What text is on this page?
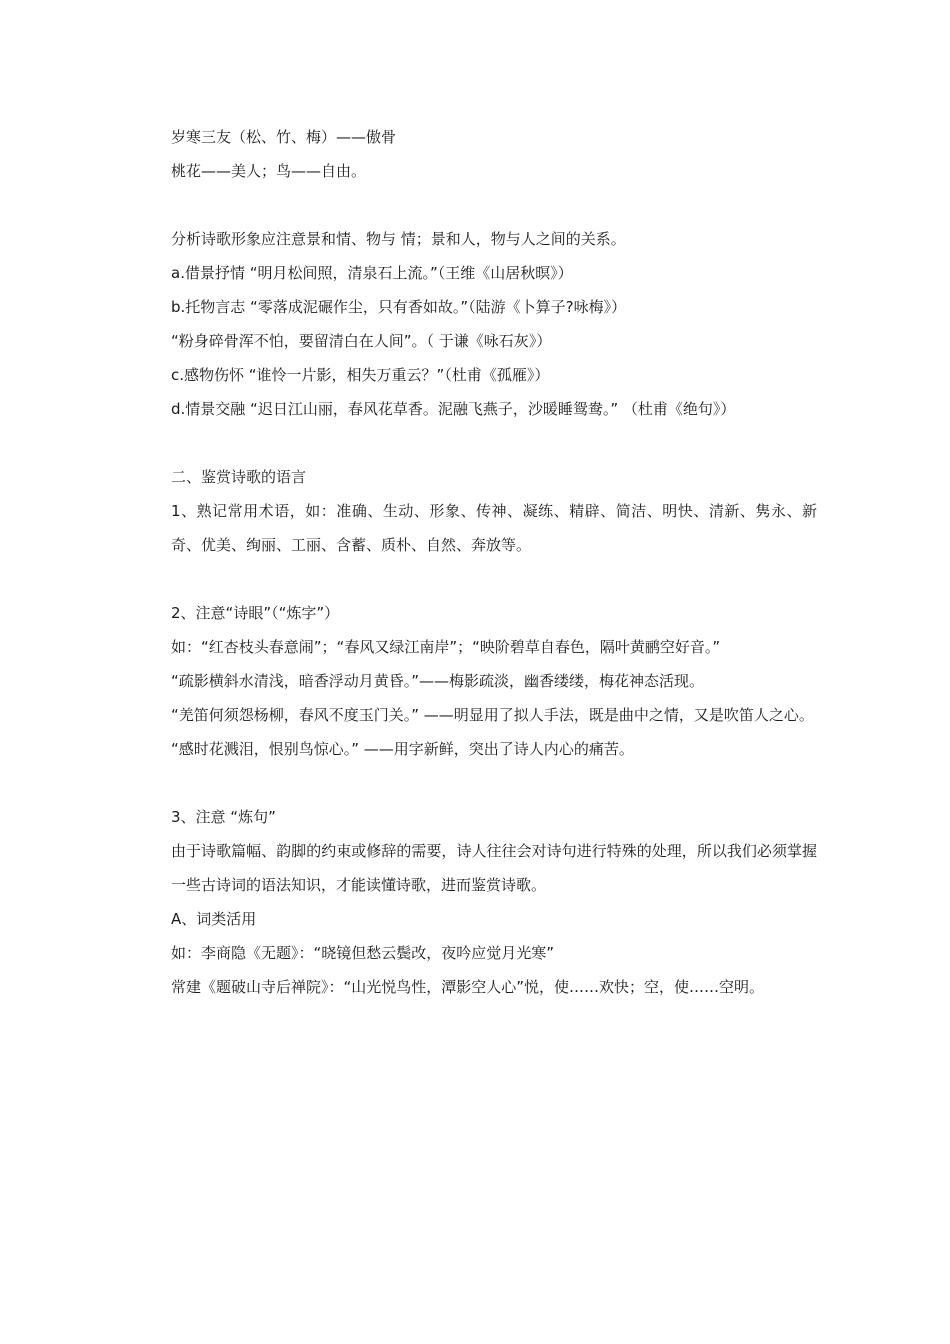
岁寒三友（松、竹、梅）——傲骨

桃花——美人；鸟——自由。

分析诗歌形象应注意景和情、物与 情；景和人，物与人之间的关系。

a.借景抒情 “明月松间照，清泉石上流。”（王维《山居秋暝》）

b.托物言志 “零落成泥碾作尘，只有香如故。”（陆游《卜算子?咏梅》）

“粉身碎骨浑不怕，要留清白在人间”。（ 于谦《咏石灰》）

c.感物伤怀 “谁怜一片影，相失万重云？”（杜甫《孤雁》）

d.情景交融 “迟日江山丽，春风花草香。泥融飞燕子，沙暖睡鸳鸯。” （杜甫《绝句》）

二、鉴赏诗歌的语言

1、熟记常用术语，如：准确、生动、形象、传神、凝练、精辟、简洁、明快、清新、隽永、新奇、优美、绚丽、工丽、含蓄、质朴、自然、奔放等。

2、注意“诗眼”（“炼字”）

如：“红杏枝头春意闹”；“春风又绿江南岸”；“映阶碧草自春色，隔叶黄鹂空好音。”

“疏影横斜水清浅，暗香浮动月黄昏。”——梅影疏淡，幽香缕缕，梅花神态活现。

“羌笛何须怨杨柳，春风不度玉门关。” ——明显用了拟人手法，既是曲中之情，又是吹笛人之心。

“感时花溅泪，恨别鸟惊心。” ——用字新鲜，突出了诗人内心的痛苦。

3、注意 “炼句”

由于诗歌篇幅、韵脚的约束或修辞的需要，诗人往往会对诗句进行特殊的处理，所以我们必须掌握一些古诗词的语法知识，才能读懂诗歌，进而鉴赏诗歌。

A、词类活用

如：李商隐《无题》：“晓镜但愁云鬓改，夜吟应觉月光寒”

常建《题破山寺后禅院》：“山光悦鸟性，潭影空人心”悦，使……欢快；空，使……空明。
